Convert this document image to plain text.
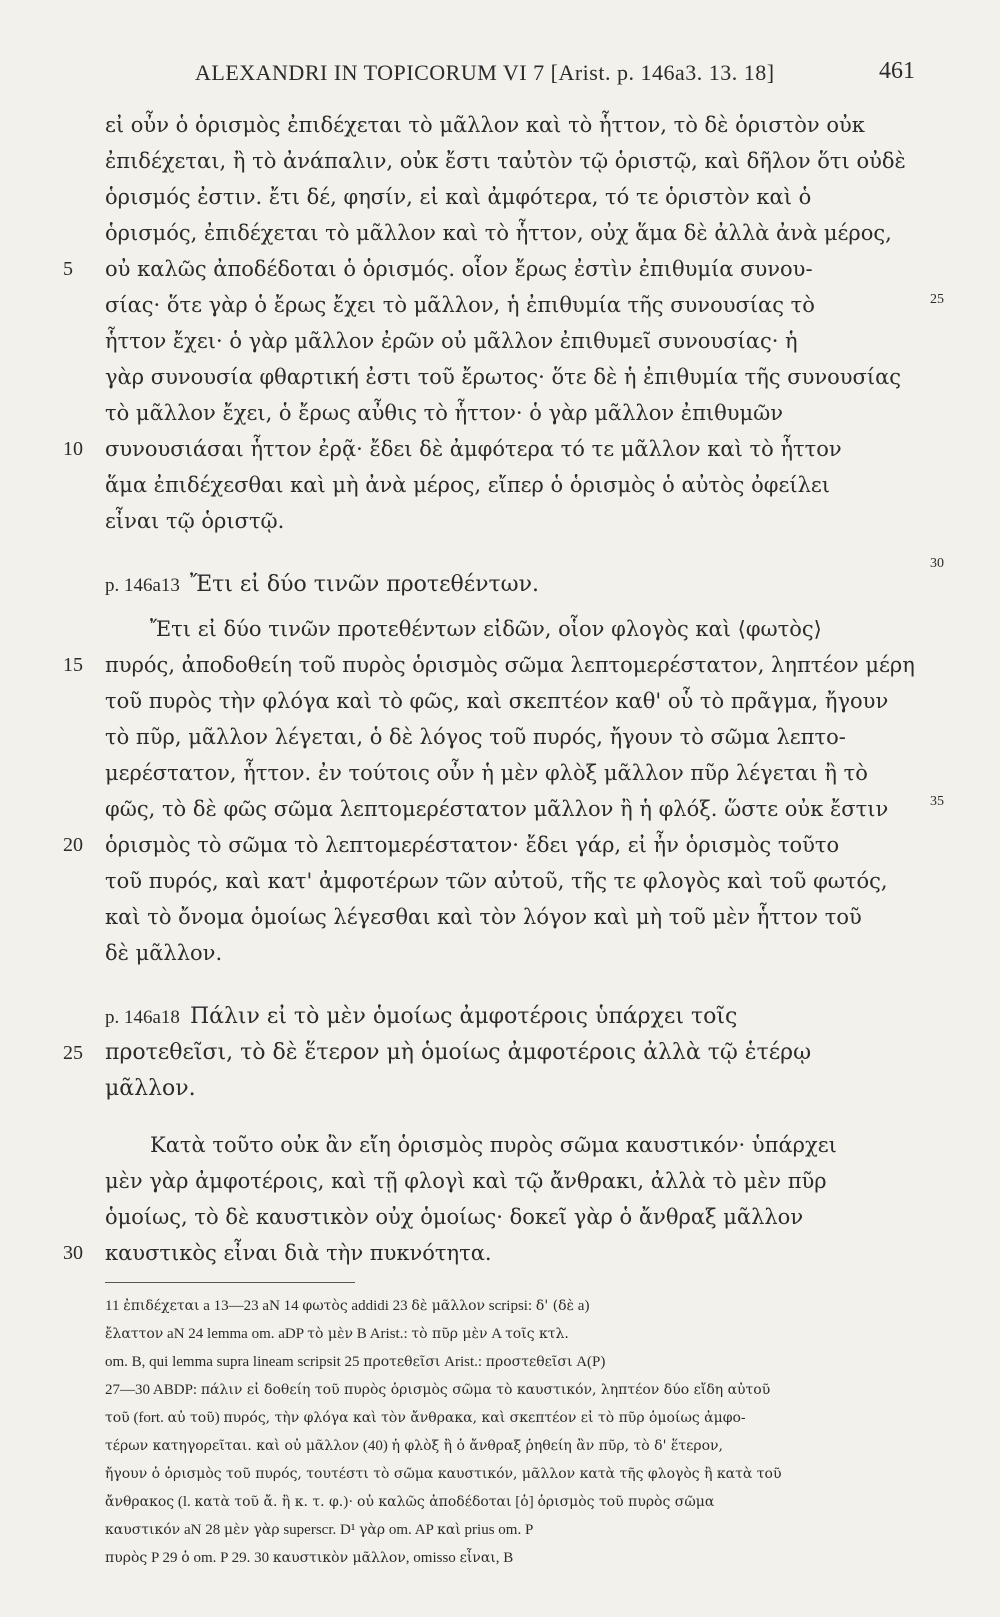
ALEXANDRI IN TOPICORUM VI 7 [Arist. p. 146a3. 13. 18]	461
εἰ οὖν ὁ ὁρισμὸς ἐπιδέχεται τὸ μᾶλλον καὶ τὸ ἧττον, τὸ δὲ ὁριστὸν οὐκ
ἐπιδέχεται, ἢ τὸ ἀνάπαλιν, οὐκ ἔστι ταὐτὸν τῷ ὁριστῷ, καὶ δῆλον ὅτι οὐδὲ
ὁρισμός ἐστιν. ἔτι δέ, φησίν, εἰ καὶ ἀμφότερα, τό τε ὁριστὸν καὶ ὁ
ὁρισμός, ἐπιδέχεται τὸ μᾶλλον καὶ τὸ ἧττον, οὐχ ἅμα δὲ ἀλλὰ ἀνὰ μέρος,
οὐ καλῶς ἀποδέδοται ὁ ὁρισμός. οἷον ἔρως ἐστὶν ἐπιθυμία συνου-
σίας· ὅτε γὰρ ὁ ἔρως ἔχει τὸ μᾶλλον, ἡ ἐπιθυμία τῆς συνουσίας τὸ
ἧττον ἔχει· ὁ γὰρ μᾶλλον ἐρῶν οὐ μᾶλλον ἐπιθυμεῖ συνουσίας· ἡ
γὰρ συνουσία φθαρτική ἐστι τοῦ ἔρωτος· ὅτε δὲ ἡ ἐπιθυμία τῆς συνουσίας
τὸ μᾶλλον ἔχει, ὁ ἔρως αὖθις τὸ ἧττον· ὁ γὰρ μᾶλλον ἐπιθυμῶν
συνουσιάσαι ἧττον ἐρᾷ· ἔδει δὲ ἀμφότερα τό τε μᾶλλον καὶ τὸ ἧττον
ἅμα ἐπιδέχεσθαι καὶ μὴ ἀνὰ μέρος, εἴπερ ὁ ὁρισμὸς ὁ αὐτὸς ὀφείλει
εἶναι τῷ ὁριστῷ.
p. 146a13 Ἔτι εἰ δύο τινῶν προτεθέντων.
Ἔτι εἰ δύο τινῶν προτεθέντων εἰδῶν, οἷον φλογὸς καὶ ⟨φωτὸς⟩
πυρός, ἀποδοθείη τοῦ πυρὸς ὁρισμὸς σῶμα λεπτομερέστατον, ληπτέον μέρη
τοῦ πυρὸς τὴν φλόγα καὶ τὸ φῶς, καὶ σκεπτέον καθ' οὗ τὸ πρᾶγμα, ἤγουν
τὸ πῦρ, μᾶλλον λέγεται, ὁ δὲ λόγος τοῦ πυρός, ἤγουν τὸ σῶμα λεπτο-
μερέστατον, ἧττον. ἐν τούτοις οὖν ἡ μὲν φλὸξ μᾶλλον πῦρ λέγεται ἢ τὸ
φῶς, τὸ δὲ φῶς σῶμα λεπτομερέστατον μᾶλλον ἢ ἡ φλόξ. ὥστε οὐκ ἔστιν
ὁρισμὸς τὸ σῶμα τὸ λεπτομερέστατον· ἔδει γάρ, εἰ ἦν ὁρισμὸς τοῦτο
τοῦ πυρός, καὶ κατ' ἀμφοτέρων τῶν αὐτοῦ, τῆς τε φλογὸς καὶ τοῦ φωτός,
καὶ τὸ ὄνομα ὁμοίως λέγεσθαι καὶ τὸν λόγον καὶ μὴ τοῦ μὲν ἧττον τοῦ
δὲ μᾶλλον.
p. 146a18 Πάλιν εἰ τὸ μὲν ὁμοίως ἀμφοτέροις ὑπάρχει τοῖς
προτεθεῖσι, τὸ δὲ ἕτερον μὴ ὁμοίως ἀμφοτέροις ἀλλὰ τῷ ἑτέρῳ
μᾶλλον.
Κατὰ τοῦτο οὐκ ἂν εἴη ὁρισμὸς πυρὸς σῶμα καυστικόν· ὑπάρχει
μὲν γὰρ ἀμφοτέροις, καὶ τῇ φλογὶ καὶ τῷ ἄνθρακι, ἀλλὰ τὸ μὲν πῦρ
ὁμοίως, τὸ δὲ καυστικὸν οὐχ ὁμοίως· δοκεῖ γὰρ ὁ ἄνθραξ μᾶλλον
καυστικὸς εἶναι διὰ τὴν πυκνότητα.
5
10
15
20
25
30
25
30
35
11 ἐπιδέχεται a 13—23 aN 14 φωτὸς addidi 23 δὲ μᾶλλον scripsi: δ' (δὲ a)
ἔλαττον aN 24 lemma om. aDP τὸ μὲν B Arist.: τὸ πῦρ μὲν A τοῖς κτλ.
om. B, qui lemma supra lineam scripsit 25 προτεθεῖσι Arist.: προστεθεῖσι A(P)
27—30 ABDP: πάλιν εἰ δοθείη τοῦ πυρὸς ὁρισμὸς σῶμα τὸ καυστικόν, ληπτέον δύο εἴδη αὐτοῦ
τοῦ (fort. αὐ τοῦ) πυρός, τὴν φλόγα καὶ τὸν ἄνθρακα, καὶ σκεπτέον εἰ τὸ πῦρ ὁμοίως ἀμφο-
τέρων κατηγορεῖται. καὶ οὐ μᾶλλον (40) ἡ φλὸξ ἢ ὁ ἄνθραξ ῥηθείη ἂν πῦρ, τὸ δ' ἕτερον,
ἤγουν ὁ ὁρισμὸς τοῦ πυρός, τουτέστι τὸ σῶμα καυστικόν, μᾶλλον κατὰ τῆς φλογὸς ἢ κατὰ τοῦ
ἄνθρακος (l. κατὰ τοῦ ἄ. ἢ κ. τ. φ.)· οὐ καλῶς ἀποδέδοται [ὁ] ὁρισμὸς τοῦ πυρὸς σῶμα
καυστικόν aN 28 μὲν γὰρ superscr. D¹ γὰρ om. AP καὶ prius om. P
πυρὸς P 29 ὁ om. P 29. 30 καυστικὸν μᾶλλον, omisso εἶναι, B
